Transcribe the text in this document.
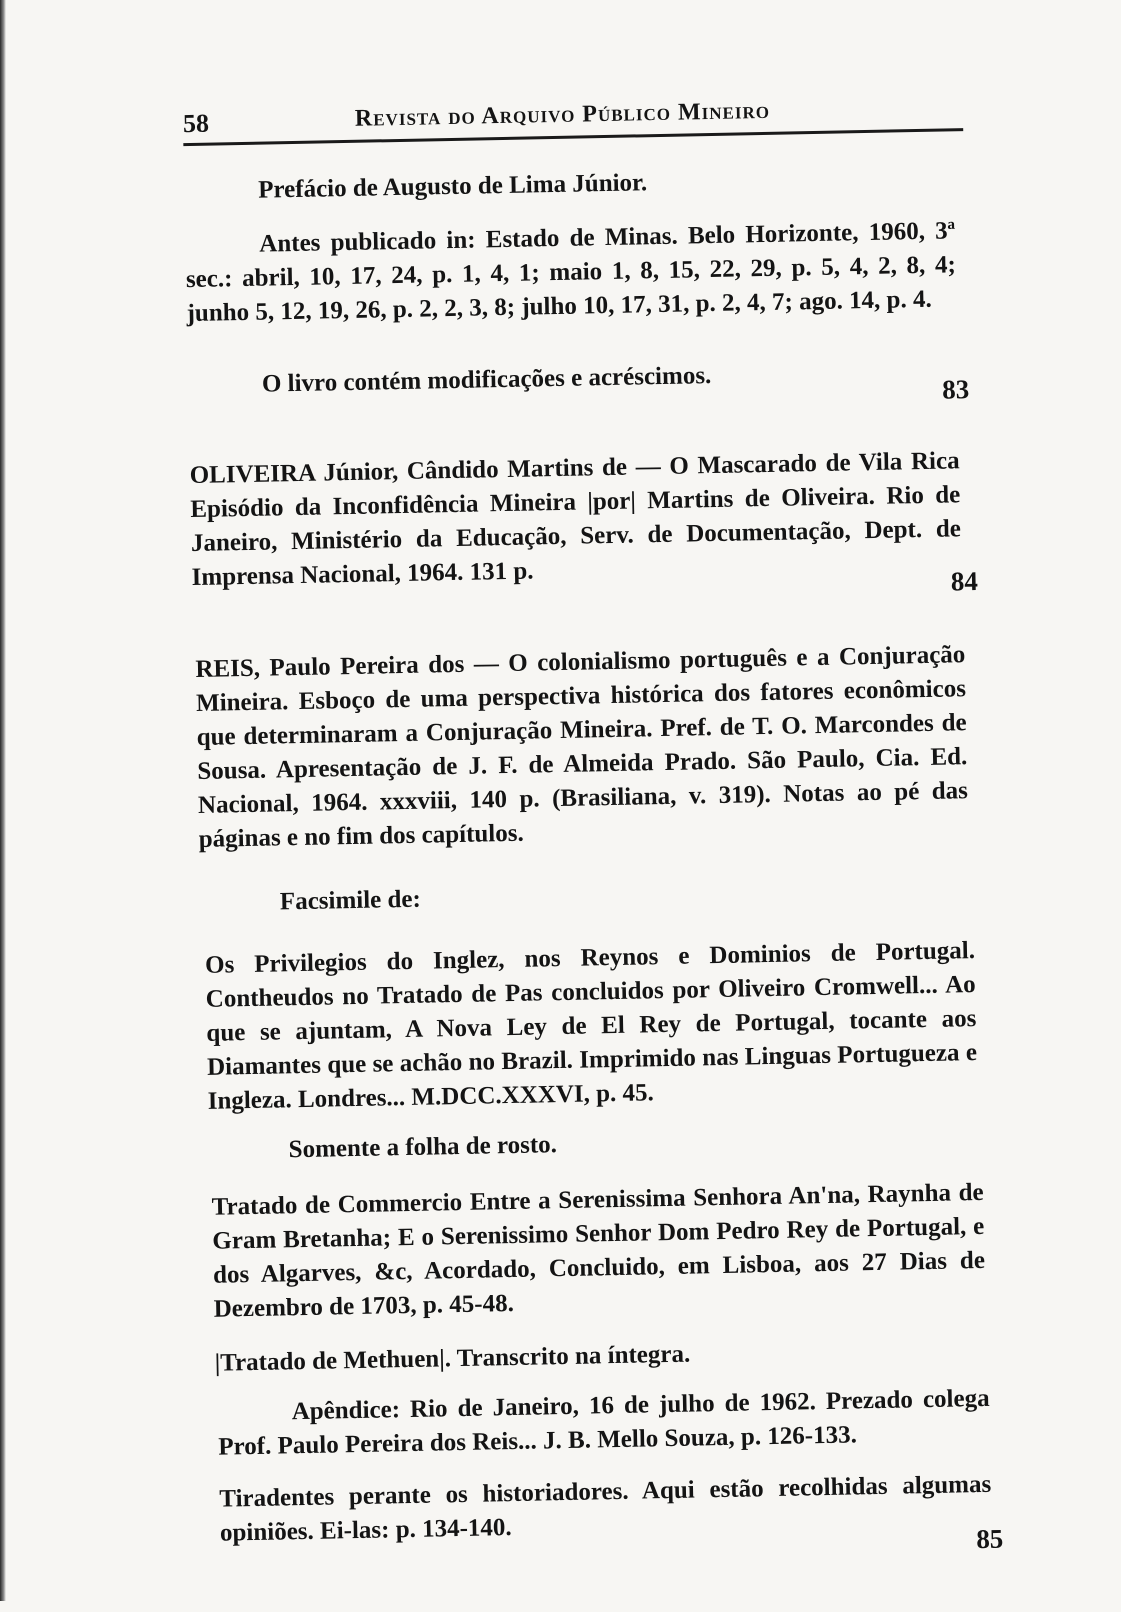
58	Revista do Arquivo Público Mineiro

Prefácio de Augusto de Lima Júnior.

Antes publicado in: Estado de Minas. Belo Horizonte, 1960, 3ª sec.: abril, 10, 17, 24, p. 1, 4, 1; maio 1, 8, 15, 22, 29, p. 5, 4, 2, 8, 4; junho 5, 12, 19, 26, p. 2, 2, 3, 8; julho 10, 17, 31, p. 2, 4, 7; ago. 14, p. 4.

O livro contém modificações e acréscimos.	83

OLIVEIRA Júnior, Cândido Martins de — O Mascarado de Vila Rica Episódio da Inconfidência Mineira |por| Martins de Oliveira. Rio de Janeiro, Ministério da Educação, Serv. de Documentação, Dept. de Imprensa Nacional, 1964. 131 p.	84

REIS, Paulo Pereira dos — O colonialismo português e a Conjuração Mineira. Esboço de uma perspectiva histórica dos fatores econômicos que determinaram a Conjuração Mineira. Pref. de T. O. Marcondes de Sousa. Apresentação de J. F. de Almeida Prado. São Paulo, Cia. Ed. Nacional, 1964. xxxviii, 140 p. (Brasiliana, v. 319). Notas ao pé das páginas e no fim dos capítulos.

Facsimile de:

Os Privilegios do Inglez, nos Reynos e Dominios de Portugal. Contheudos no Tratado de Pas concluidos por Oliveiro Cromwell... Ao que se ajuntam, A Nova Ley de El Rey de Portugal, tocante aos Diamantes que se achão no Brazil. Imprimido nas Linguas Portugueza e Ingleza. Londres... M.DCC.XXXVI, p. 45.

Somente a folha de rosto.

Tratado de Commercio Entre a Serenissima Senhora An'na, Raynha de Gram Bretanha; E o Serenissimo Senhor Dom Pedro Rey de Portugal, e dos Algarves, &c, Acordado, Concluido, em Lisboa, aos 27 Dias de Dezembro de 1703, p. 45-48.

|Tratado de Methuen|. Transcrito na íntegra.

Apêndice: Rio de Janeiro, 16 de julho de 1962. Prezado colega Prof. Paulo Pereira dos Reis... J. B. Mello Souza, p. 126-133.

Tiradentes perante os historiadores. Aqui estão recolhidas algumas opiniões. Ei-las: p. 134-140.	85
